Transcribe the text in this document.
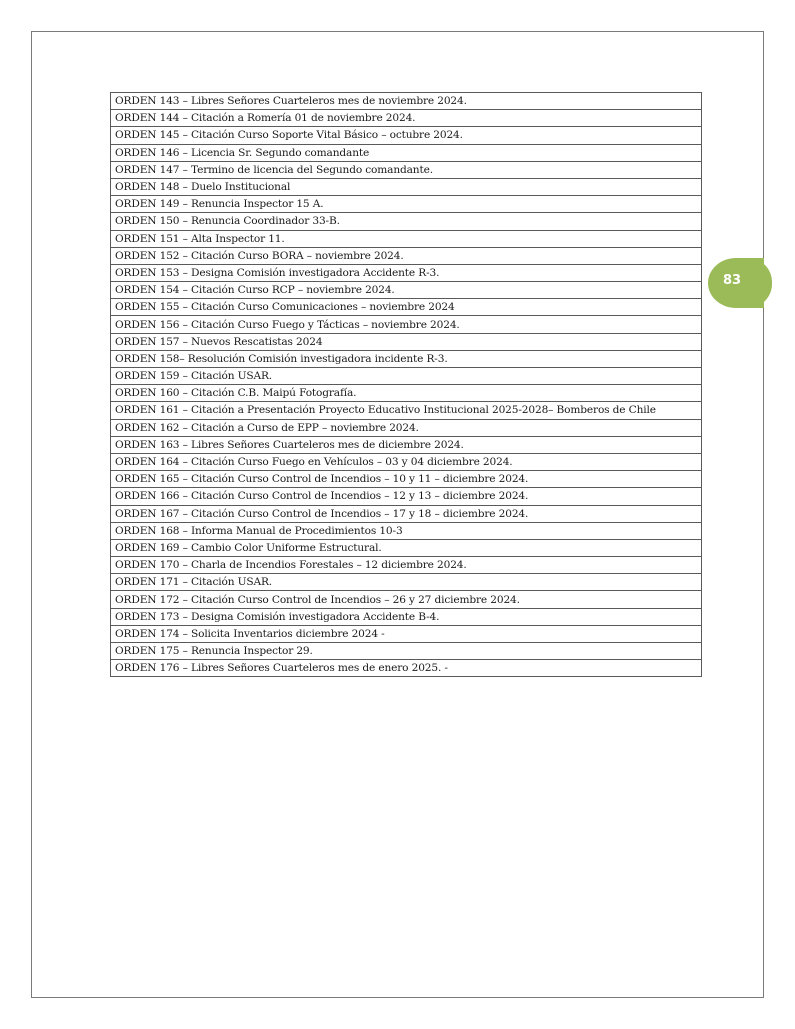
83
ORDEN 143 – Libres Señores Cuarteleros mes de noviembre 2024.
ORDEN 144 – Citación a Romería 01 de noviembre 2024.
ORDEN 145 – Citación Curso Soporte Vital Básico – octubre 2024.
ORDEN 146 – Licencia Sr. Segundo comandante
ORDEN 147 – Termino de licencia del Segundo comandante.
ORDEN 148 – Duelo Institucional
ORDEN 149 – Renuncia Inspector 15 A.
ORDEN 150 – Renuncia Coordinador 33-B.
ORDEN 151 – Alta Inspector 11.
ORDEN 152 – Citación Curso BORA – noviembre 2024.
ORDEN 153 – Designa Comisión investigadora Accidente R-3.
ORDEN 154 – Citación Curso RCP – noviembre 2024.
ORDEN 155 – Citación Curso Comunicaciones – noviembre 2024
ORDEN 156 – Citación Curso Fuego y Tácticas – noviembre 2024.
ORDEN 157 – Nuevos Rescatistas 2024
ORDEN 158– Resolución Comisión investigadora incidente R-3.
ORDEN 159 – Citación USAR.
ORDEN 160 – Citación C.B. Maipú Fotografía.
ORDEN 161 – Citación a Presentación Proyecto Educativo Institucional 2025-2028– Bomberos de Chile
ORDEN 162 – Citación a Curso de EPP – noviembre 2024.
ORDEN 163 – Libres Señores Cuarteleros mes de diciembre 2024.
ORDEN 164 – Citación Curso Fuego en Vehículos – 03 y 04 diciembre 2024.
ORDEN 165 – Citación Curso Control de Incendios – 10 y 11 – diciembre 2024.
ORDEN 166 – Citación Curso Control de Incendios – 12 y 13 – diciembre 2024.
ORDEN 167 – Citación Curso Control de Incendios – 17 y 18 – diciembre 2024.
ORDEN 168 – Informa Manual de Procedimientos 10-3
ORDEN 169 – Cambio Color Uniforme Estructural.
ORDEN 170 – Charla de Incendios Forestales – 12 diciembre 2024.
ORDEN 171 – Citación USAR.
ORDEN 172 – Citación Curso Control de Incendios – 26 y 27 diciembre 2024.
ORDEN 173 – Designa Comisión investigadora Accidente B-4.
ORDEN 174 – Solicita Inventarios diciembre 2024 -
ORDEN 175 – Renuncia Inspector 29.
ORDEN 176 – Libres Señores Cuarteleros mes de enero 2025. -
